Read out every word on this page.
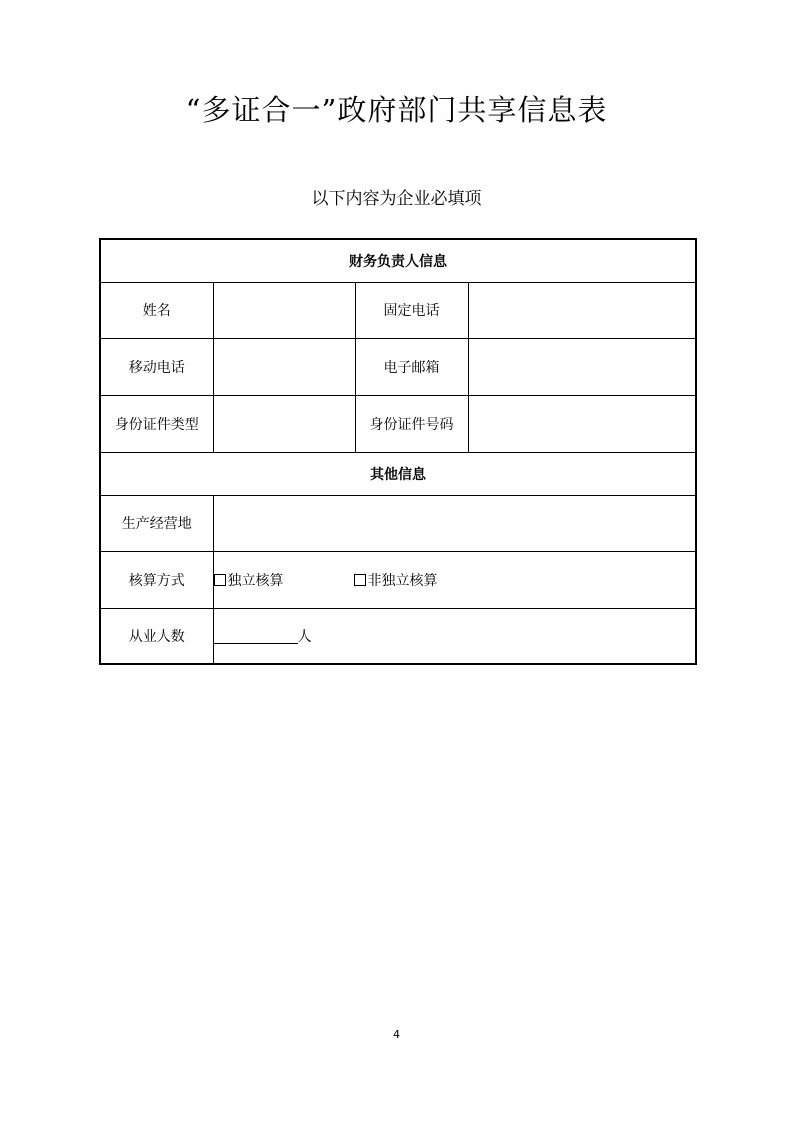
“多证合一”政府部门共享信息表
以下内容为企业必填项
财务负责人信息			
姓名		固定电话	
移动电话		电子邮箱	
身份证件类型		身份证件号码	
其他信息			
生产经营地			
核算方式	独立核算 非独立核算		
从业人数	人		
4
